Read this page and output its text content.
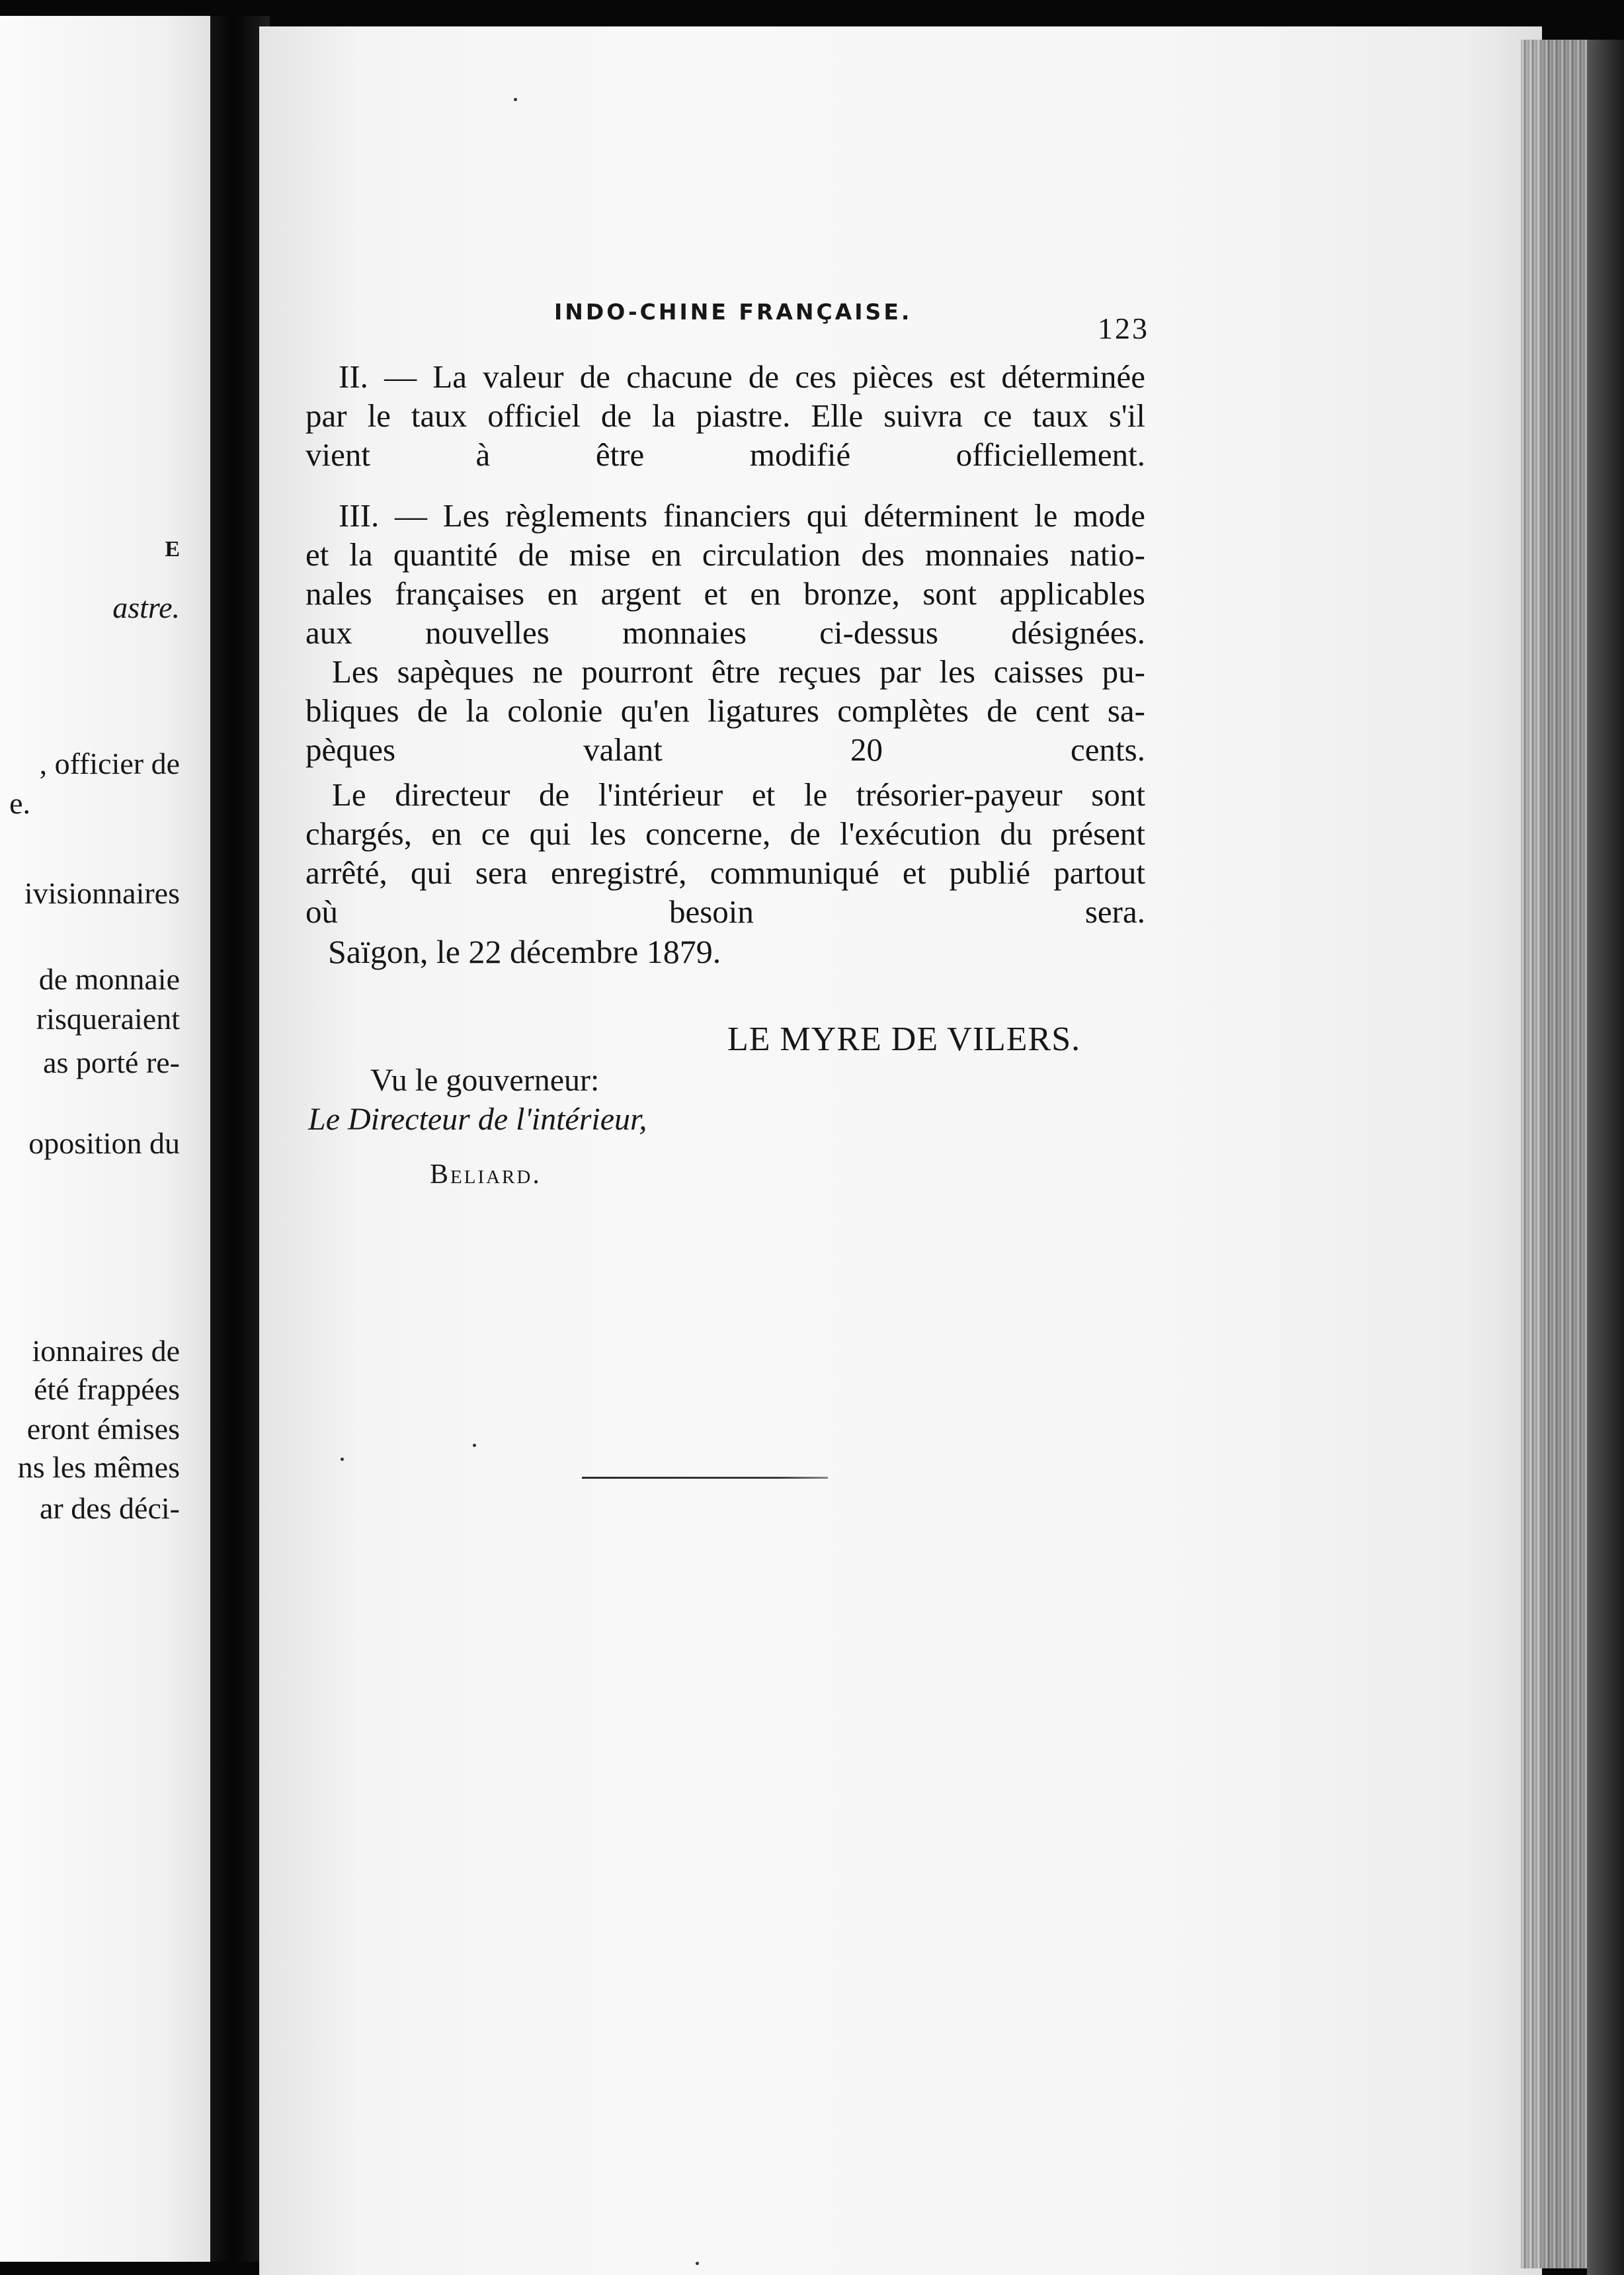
E
astre.
, officier de
e.
ivisionnaires
de monnaie
risqueraient
as porté re-
oposition du
ionnaires de
été frappées
eront émises
ns les mêmes
ar des déci-
INDO-CHINE FRANÇAISE.	123

II. — La valeur de chacune de ces pièces est déterminée
par le taux officiel de la piastre. Elle suivra ce taux s'il
vient à être modifié officiellement.

III. — Les règlements financiers qui déterminent le mode
et la quantité de mise en circulation des monnaies natio-
nales françaises en argent et en bronze, sont applicables
aux nouvelles monnaies ci-dessus désignées.

Les sapèques ne pourront être reçues par les caisses pu-
bliques de la colonie qu'en ligatures complètes de cent sa-
pèques valant 20 cents.

Le directeur de l'intérieur et le trésorier-payeur sont
chargés, en ce qui les concerne, de l'exécution du présent
arrêté, qui sera enregistré, communiqué et publié partout
où besoin sera.

Saïgon, le 22 décembre 1879.
LE MYRE DE VILERS.
Vu le gouverneur:
Le Directeur de l'intérieur,
Beliard.
